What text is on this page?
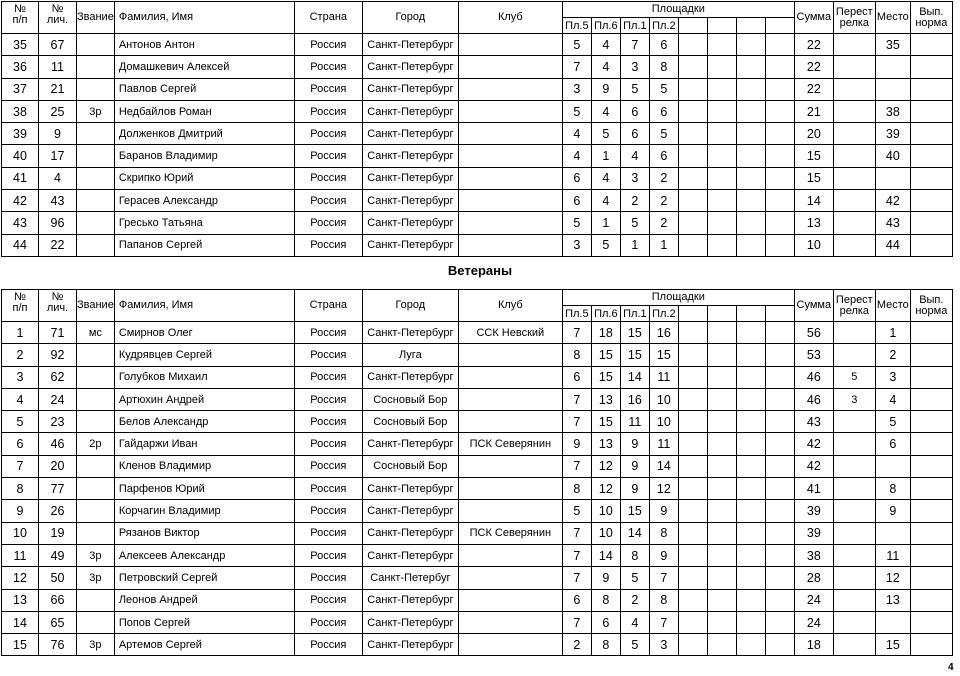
№
п/п	№
лич.	Звание	Фамилия, Имя	Страна	Город	Клуб	Площадки								Сумма	Перест
релка	Место	Вып.
норма
							Пл.5	Пл.6	Пл.1	Пл.2								
35	67		Антонов Антон	Россия	Санкт-Петербург		5	4	7	6					22		35	
36	11		Домашкевич Алексей	Россия	Санкт-Петербург		7	4	3	8					22			
37	21		Павлов Сергей	Россия	Санкт-Петербург		3	9	5	5					22			
38	25	3р	Недбайлов Роман	Россия	Санкт-Петербург		5	4	6	6					21		38	
39	9		Долженков Дмитрий	Россия	Санкт-Петербург		4	5	6	5					20		39	
40	17		Баранов Владимир	Россия	Санкт-Петербург		4	1	4	6					15		40	
41	4		Скрипко Юрий	Россия	Санкт-Петербург		6	4	3	2					15			
42	43		Герасев Александр	Россия	Санкт-Петербург		6	4	2	2					14		42	
43	96		Гресько Татьяна	Россия	Санкт-Петербург		5	1	5	2					13		43	
44	22		Папанов Сергей	Россия	Санкт-Петербург		3	5	1	1					10		44	
Ветераны
№
п/п	№
лич.	Звание	Фамилия, Имя	Страна	Город	Клуб	Площадки								Сумма	Перест
релка	Место	Вып.
норма
							Пл.5	Пл.6	Пл.1	Пл.2								
1	71	мс	Смирнов Олег	Россия	Санкт-Петербург	ССК Невский	7	18	15	16					56		1	
2	92		Кудрявцев Сергей	Россия	Луга		8	15	15	15					53		2	
3	62		Голубков Михаил	Россия	Санкт-Петербург		6	15	14	11					46	5	3	
4	24		Артюхин Андрей	Россия	Сосновый Бор		7	13	16	10					46	3	4	
5	23		Белов Александр	Россия	Сосновый Бор		7	15	11	10					43		5	
6	46	2р	Гайдаржи Иван	Россия	Санкт-Петербург	ПСК Северянин	9	13	9	11					42		6	
7	20		Кленов Владимир	Россия	Сосновый Бор		7	12	9	14					42			
8	77		Парфенов Юрий	Россия	Санкт-Петербург		8	12	9	12					41		8	
9	26		Корчагин Владимир	Россия	Санкт-Петербург		5	10	15	9					39		9	
10	19		Рязанов Виктор	Россия	Санкт-Петербург	ПСК Северянин	7	10	14	8					39			
11	49	3р	Алексеев Александр	Россия	Санкт-Петербург		7	14	8	9					38		11	
12	50	3р	Петровский Сергей	Россия	Санкт-Петербуг		7	9	5	7					28		12	
13	66		Леонов Андрей	Россия	Санкт-Петербург		6	8	2	8					24		13	
14	65		Попов Сергей	Россия	Санкт-Петербург		7	6	4	7					24			
15	76	3р	Артемов Сергей	Россия	Санкт-Петербург		2	8	5	3					18		15	
4
